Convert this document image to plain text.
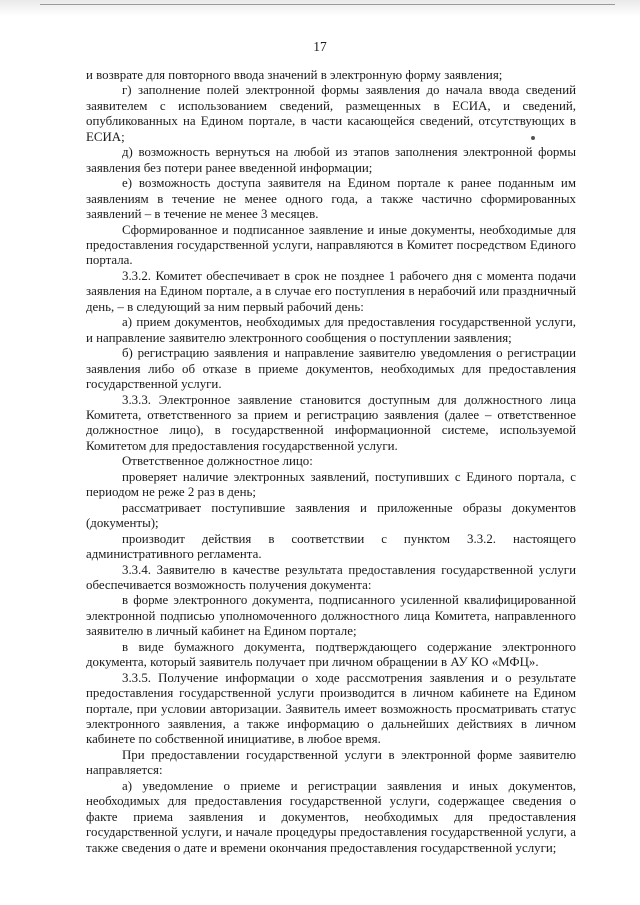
17

и возврате для повторного ввода значений в электронную форму заявления;

г) заполнение полей электронной формы заявления до начала ввода сведений заявителем с использованием сведений, размещенных в ЕСИА, и сведений, опубликованных на Едином портале, в части касающейся сведений, отсутствующих в ЕСИА;

д) возможность вернуться на любой из этапов заполнения электронной формы заявления без потери ранее введенной информации;

е) возможность доступа заявителя на Едином портале к ранее поданным им заявлениям в течение не менее одного года, а также частично сформированных заявлений – в течение не менее 3 месяцев.

Сформированное и подписанное заявление и иные документы, необходимые для предоставления государственной услуги, направляются в Комитет посредством Единого портала.

3.3.2. Комитет обеспечивает в срок не позднее 1 рабочего дня с момента подачи заявления на Едином портале, а в случае его поступления в нерабочий или праздничный день, – в следующий за ним первый рабочий день:

а) прием документов, необходимых для предоставления государственной услуги, и направление заявителю электронного сообщения о поступлении заявления;

б) регистрацию заявления и направление заявителю уведомления о регистрации заявления либо об отказе в приеме документов, необходимых для предоставления государственной услуги.

3.3.3. Электронное заявление становится доступным для должностного лица Комитета, ответственного за прием и регистрацию заявления (далее – ответственное должностное лицо), в государственной информационной системе, используемой Комитетом для предоставления государственной услуги.

Ответственное должностное лицо:

проверяет наличие электронных заявлений, поступивших с Единого портала, с периодом не реже 2 раз в день;

рассматривает поступившие заявления и приложенные образы документов (документы);

производит действия в соответствии с пунктом 3.3.2. настоящего административного регламента.

3.3.4. Заявителю в качестве результата предоставления государственной услуги обеспечивается возможность получения документа:

в форме электронного документа, подписанного усиленной квалифицированной электронной подписью уполномоченного должностного лица Комитета, направленного заявителю в личный кабинет на Едином портале;

в виде бумажного документа, подтверждающего содержание электронного документа, который заявитель получает при личном обращении в АУ КО «МФЦ».

3.3.5. Получение информации о ходе рассмотрения заявления и о результате предоставления государственной услуги производится в личном кабинете на Едином портале, при условии авторизации. Заявитель имеет возможность просматривать статус электронного заявления, а также информацию о дальнейших действиях в личном кабинете по собственной инициативе, в любое время.

При предоставлении государственной услуги в электронной форме заявителю направляется:

а) уведомление о приеме и регистрации заявления и иных документов, необходимых для предоставления государственной услуги, содержащее сведения о факте приема заявления и документов, необходимых для предоставления государственной услуги, и начале процедуры предоставления государственной услуги, а также сведения о дате и времени окончания предоставления государственной услуги;
